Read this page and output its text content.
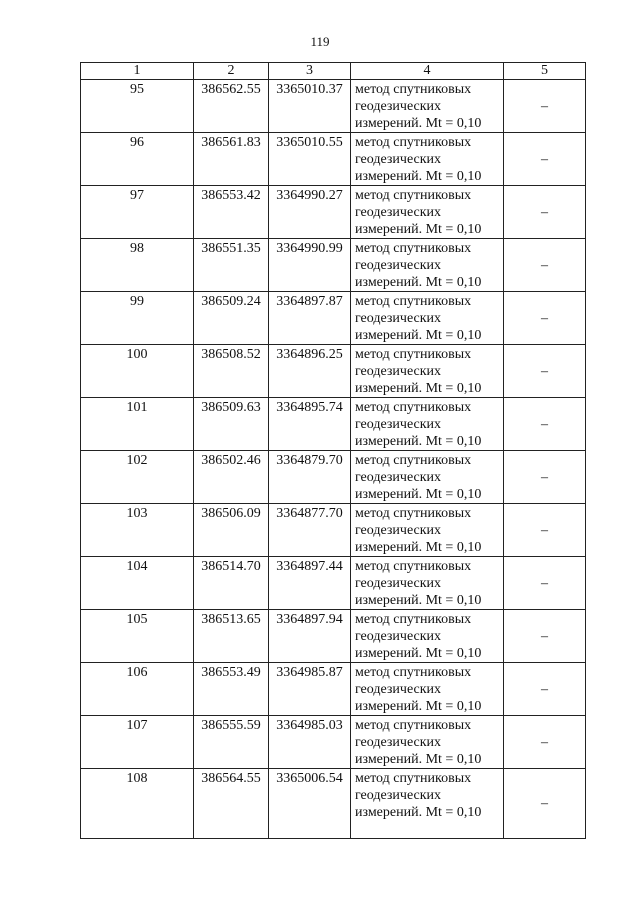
119
1	2	3	4	5
95	386562.55	3365010.37	метод спутниковых геодезических измерений. Mt = 0,10	–
96	386561.83	3365010.55	метод спутниковых геодезических измерений. Mt = 0,10	–
97	386553.42	3364990.27	метод спутниковых геодезических измерений. Mt = 0,10	–
98	386551.35	3364990.99	метод спутниковых геодезических измерений. Mt = 0,10	–
99	386509.24	3364897.87	метод спутниковых геодезических измерений. Mt = 0,10	–
100	386508.52	3364896.25	метод спутниковых геодезических измерений. Mt = 0,10	–
101	386509.63	3364895.74	метод спутниковых геодезических измерений. Mt = 0,10	–
102	386502.46	3364879.70	метод спутниковых геодезических измерений. Mt = 0,10	–
103	386506.09	3364877.70	метод спутниковых геодезических измерений. Mt = 0,10	–
104	386514.70	3364897.44	метод спутниковых геодезических измерений. Mt = 0,10	–
105	386513.65	3364897.94	метод спутниковых геодезических измерений. Mt = 0,10	–
106	386553.49	3364985.87	метод спутниковых геодезических измерений. Mt = 0,10	–
107	386555.59	3364985.03	метод спутниковых геодезических измерений. Mt = 0,10	–
108	386564.55	3365006.54	метод спутниковых геодезических измерений. Mt = 0,10	–
